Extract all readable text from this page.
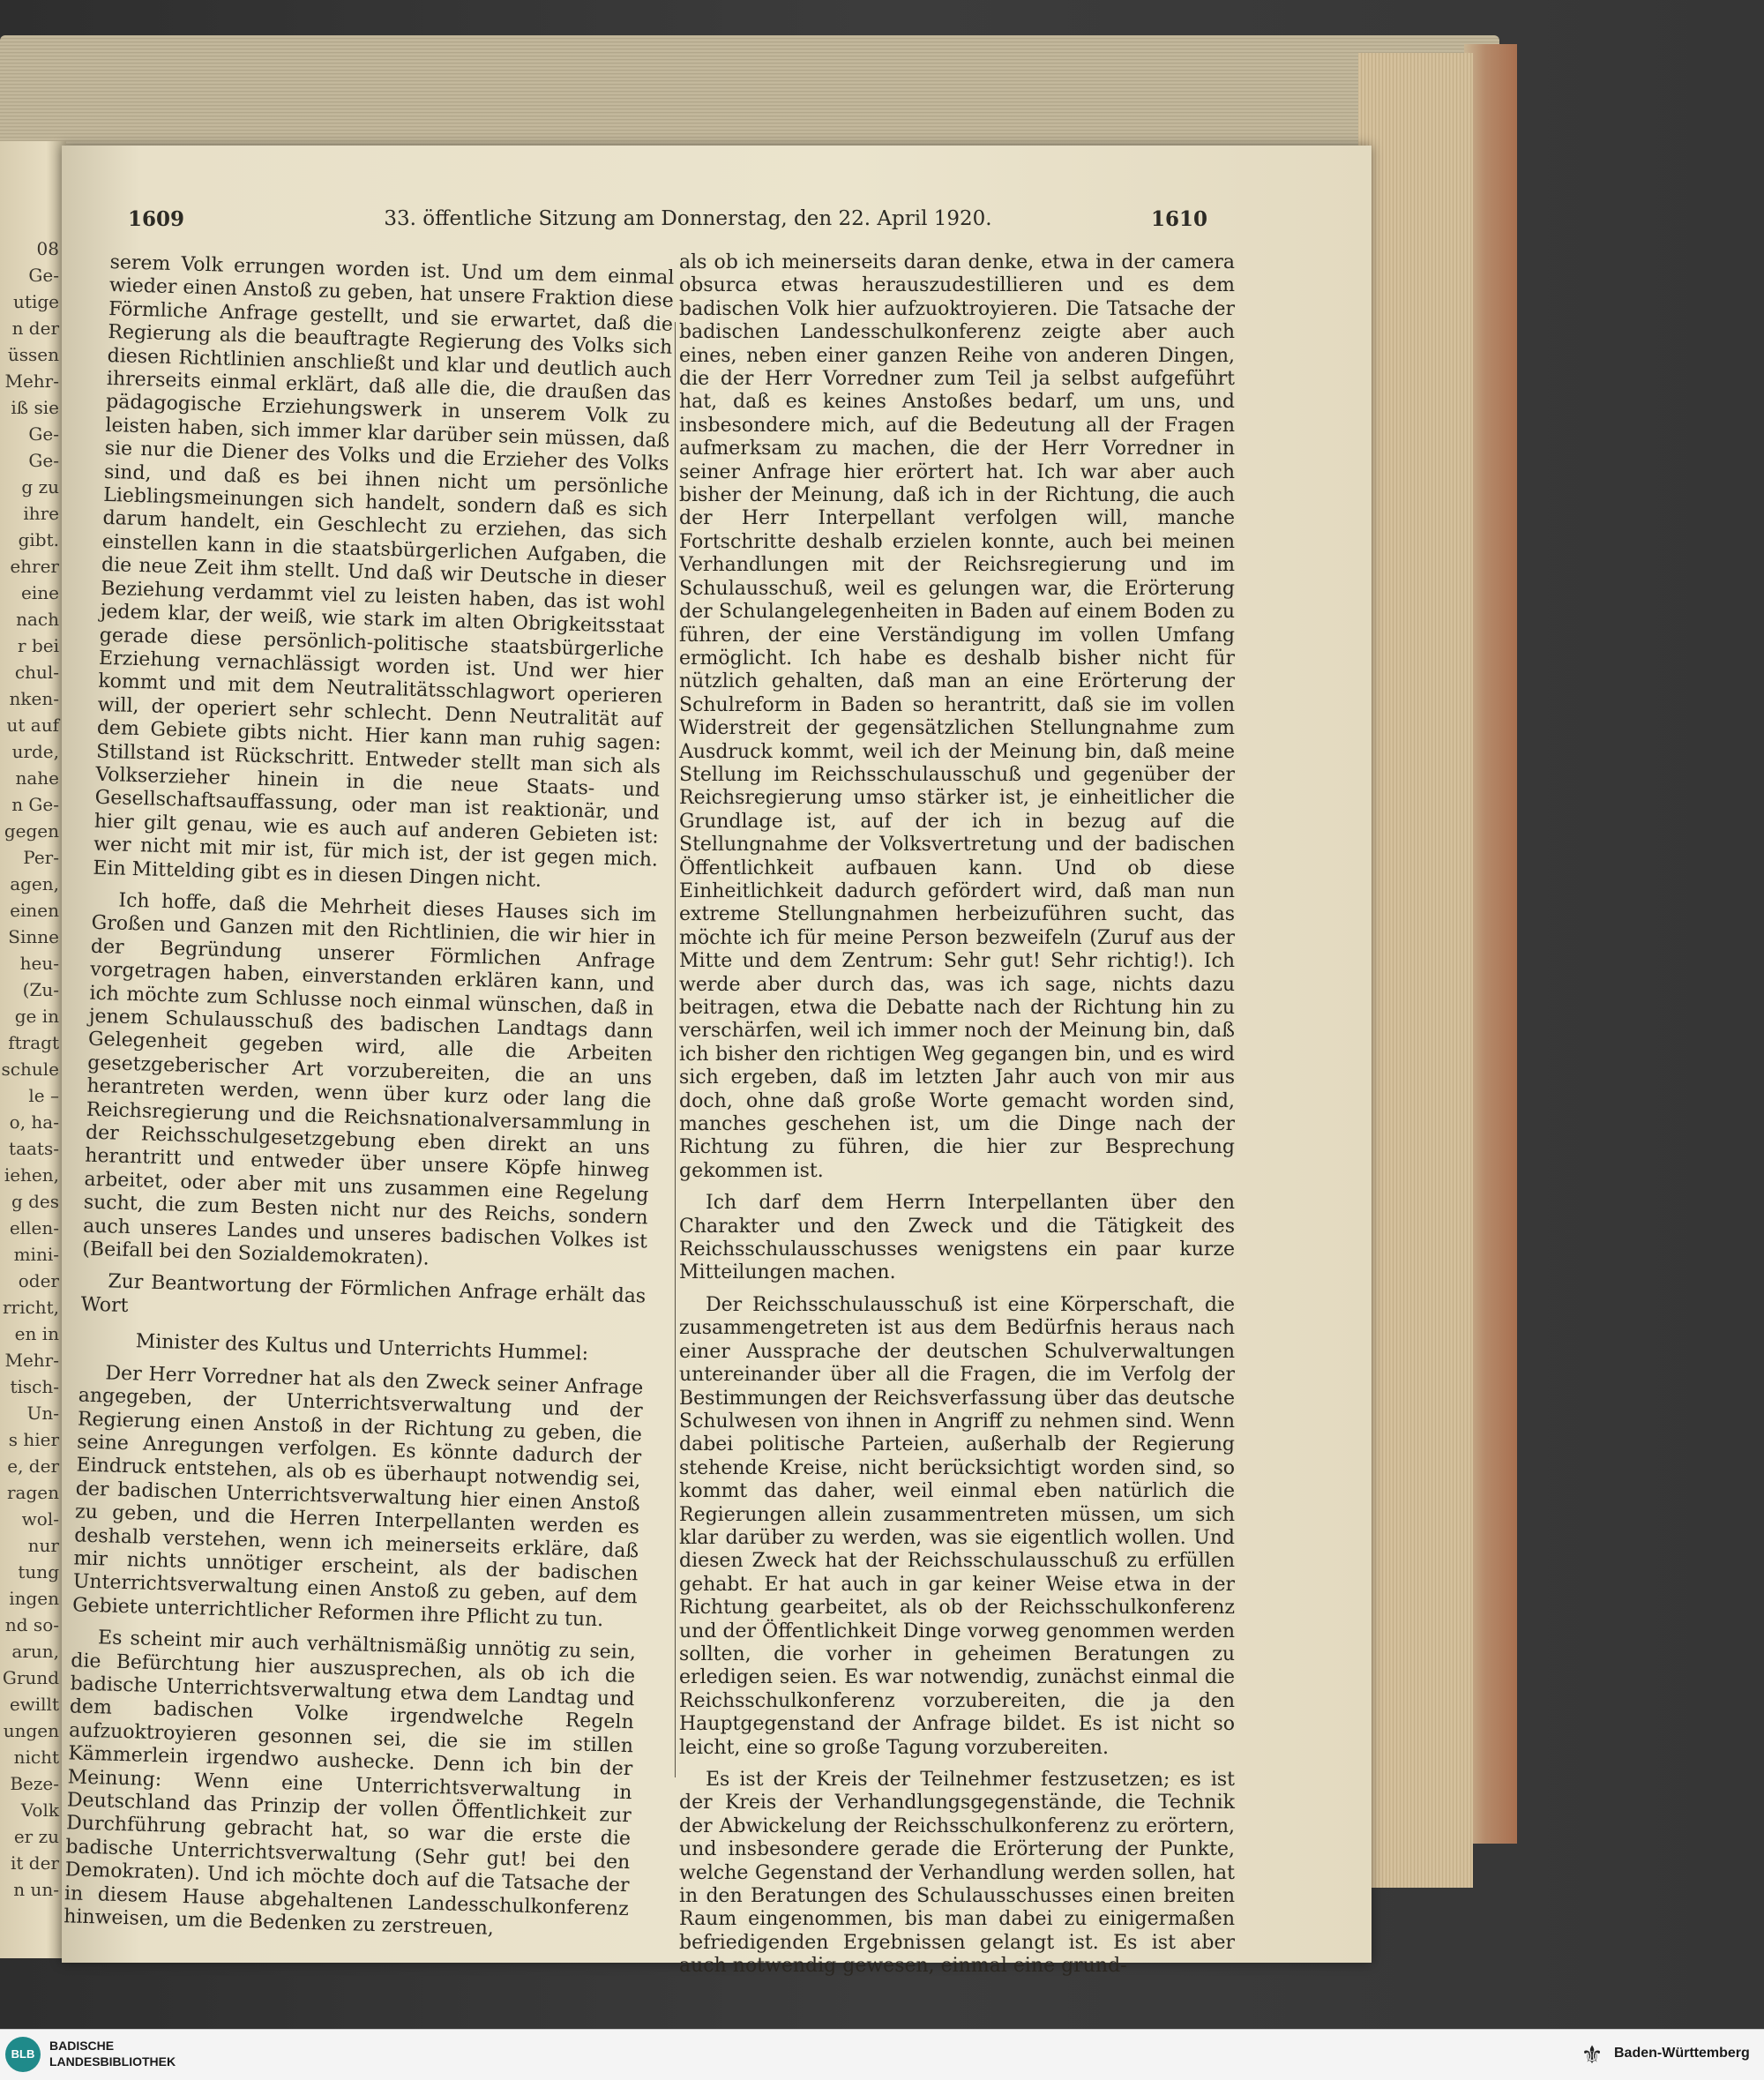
08
Ge-
utige
n der
üssen
Mehr-
iß sie
Ge-
Ge-
g zu
ihre
gibt.
ehrer
eine
nach
r bei
chul-
nken-
ut auf
urde,
nahe
n Ge-
gegen
Per-
agen,
einen
Sinne
heu-
(Zu-
ge in
ftragt
schule
le –
o, ha-
taats-
iehen,
g des
ellen-
mini-
oder
rricht,
en in
Mehr-
tisch-
Un-
s hier
e, der
ragen
wol-
nur
tung
ingen
nd so-
arun,
Grund
ewillt
ungen
nicht
Beze-
Volk
er zu
it der
n un-
1609	33. öffentliche Sitzung am Donnerstag, den 22. April 1920.	1610

serem Volk errungen worden ist. Und um dem einmal wieder einen Anstoß zu geben, hat unsere Fraktion diese Förmliche Anfrage gestellt, und sie erwartet, daß die Regierung als die beauftragte Regierung des Volks sich diesen Richtlinien anschließt und klar und deutlich auch ihrerseits einmal erklärt, daß alle die, die draußen das pädagogische Erziehungswerk in unserem Volk zu leisten haben, sich immer klar darüber sein müssen, daß sie nur die Diener des Volks und die Erzieher des Volks sind, und daß es bei ihnen nicht um persönliche Lieblingsmeinungen sich handelt, sondern daß es sich darum handelt, ein Geschlecht zu erziehen, das sich einstellen kann in die staatsbürgerlichen Aufgaben, die die neue Zeit ihm stellt. Und daß wir Deutsche in dieser Beziehung verdammt viel zu leisten haben, das ist wohl jedem klar, der weiß, wie stark im alten Obrigkeitsstaat gerade diese persönlich-politische staatsbürgerliche Erziehung vernachlässigt worden ist. Und wer hier kommt und mit dem Neutralitätsschlagwort operieren will, der operiert sehr schlecht. Denn Neutralität auf dem Gebiete gibts nicht. Hier kann man ruhig sagen: Stillstand ist Rückschritt. Entweder stellt man sich als Volkserzieher hinein in die neue Staats- und Gesellschaftsauffassung, oder man ist reaktionär, und hier gilt genau, wie es auch auf anderen Gebieten ist: wer nicht mit mir ist, für mich ist, der ist gegen mich. Ein Mittelding gibt es in diesen Dingen nicht.

Ich hoffe, daß die Mehrheit dieses Hauses sich im Großen und Ganzen mit den Richtlinien, die wir hier in der Begründung unserer Förmlichen Anfrage vorgetragen haben, einverstanden erklären kann, und ich möchte zum Schlusse noch einmal wünschen, daß in jenem Schulausschuß des badischen Landtags dann Gelegenheit gegeben wird, alle die Arbeiten gesetzgeberischer Art vorzubereiten, die an uns herantreten werden, wenn über kurz oder lang die Reichsregierung und die Reichsnationalversammlung in der Reichsschulgesetzgebung eben direkt an uns herantritt und entweder über unsere Köpfe hinweg arbeitet, oder aber mit uns zusammen eine Regelung sucht, die zum Besten nicht nur des Reichs, sondern auch unseres Landes und unseres badischen Volkes ist (Beifall bei den Sozialdemokraten).

Zur Beantwortung der Förmlichen Anfrage erhält das Wort

Minister des Kultus und Unterrichts Hummel:

Der Herr Vorredner hat als den Zweck seiner Anfrage angegeben, der Unterrichtsverwaltung und der Regierung einen Anstoß in der Richtung zu geben, die seine Anregungen verfolgen. Es könnte dadurch der Eindruck entstehen, als ob es überhaupt notwendig sei, der badischen Unterrichtsverwaltung hier einen Anstoß zu geben, und die Herren Interpellanten werden es deshalb verstehen, wenn ich meinerseits erkläre, daß mir nichts unnötiger erscheint, als der badischen Unterrichtsverwaltung einen Anstoß zu geben, auf dem Gebiete unterrichtlicher Reformen ihre Pflicht zu tun.

Es scheint mir auch verhältnismäßig unnötig zu sein, die Befürchtung hier auszusprechen, als ob ich die badische Unterrichtsverwaltung etwa dem Landtag und dem badischen Volke irgendwelche Regeln aufzuoktroyieren gesonnen sei, die sie im stillen Kämmerlein irgendwo aushecke. Denn ich bin der Meinung: Wenn eine Unterrichtsverwaltung in Deutschland das Prinzip der vollen Öffentlichkeit zur Durchführung gebracht hat, so war die erste die badische Unterrichtsverwaltung (Sehr gut! bei den Demokraten). Und ich möchte doch auf die Tatsache der in diesem Hause abgehaltenen Landesschulkonferenz hinweisen, um die Bedenken zu zerstreuen,

als ob ich meinerseits daran denke, etwa in der camera obsurca etwas herauszudestillieren und es dem badischen Volk hier aufzuoktroyieren. Die Tatsache der badischen Landesschulkonferenz zeigte aber auch eines, neben einer ganzen Reihe von anderen Dingen, die der Herr Vorredner zum Teil ja selbst aufgeführt hat, daß es keines Anstoßes bedarf, um uns, und insbesondere mich, auf die Bedeutung all der Fragen aufmerksam zu machen, die der Herr Vorredner in seiner Anfrage hier erörtert hat. Ich war aber auch bisher der Meinung, daß ich in der Richtung, die auch der Herr Interpellant verfolgen will, manche Fortschritte deshalb erzielen konnte, auch bei meinen Verhandlungen mit der Reichsregierung und im Schulausschuß, weil es gelungen war, die Erörterung der Schulangelegenheiten in Baden auf einem Boden zu führen, der eine Verständigung im vollen Umfang ermöglicht. Ich habe es deshalb bisher nicht für nützlich gehalten, daß man an eine Erörterung der Schulreform in Baden so herantritt, daß sie im vollen Widerstreit der gegensätzlichen Stellungnahme zum Ausdruck kommt, weil ich der Meinung bin, daß meine Stellung im Reichsschulausschuß und gegenüber der Reichsregierung umso stärker ist, je einheitlicher die Grundlage ist, auf der ich in bezug auf die Stellungnahme der Volksvertretung und der badischen Öffentlichkeit aufbauen kann. Und ob diese Einheitlichkeit dadurch gefördert wird, daß man nun extreme Stellungnahmen herbeizuführen sucht, das möchte ich für meine Person bezweifeln (Zuruf aus der Mitte und dem Zentrum: Sehr gut! Sehr richtig!). Ich werde aber durch das, was ich sage, nichts dazu beitragen, etwa die Debatte nach der Richtung hin zu verschärfen, weil ich immer noch der Meinung bin, daß ich bisher den richtigen Weg gegangen bin, und es wird sich ergeben, daß im letzten Jahr auch von mir aus doch, ohne daß große Worte gemacht worden sind, manches geschehen ist, um die Dinge nach der Richtung zu führen, die hier zur Besprechung gekommen ist.

Ich darf dem Herrn Interpellanten über den Charakter und den Zweck und die Tätigkeit des Reichsschulausschusses wenigstens ein paar kurze Mitteilungen machen.

Der Reichsschulausschuß ist eine Körperschaft, die zusammengetreten ist aus dem Bedürfnis heraus nach einer Aussprache der deutschen Schulverwaltungen untereinander über all die Fragen, die im Verfolg der Bestimmungen der Reichsverfassung über das deutsche Schulwesen von ihnen in Angriff zu nehmen sind. Wenn dabei politische Parteien, außerhalb der Regierung stehende Kreise, nicht berücksichtigt worden sind, so kommt das daher, weil einmal eben natürlich die Regierungen allein zusammentreten müssen, um sich klar darüber zu werden, was sie eigentlich wollen. Und diesen Zweck hat der Reichsschulausschuß zu erfüllen gehabt. Er hat auch in gar keiner Weise etwa in der Richtung gearbeitet, als ob der Reichsschulkonferenz und der Öffentlichkeit Dinge vorweg genommen werden sollten, die vorher in geheimen Beratungen zu erledigen seien. Es war notwendig, zunächst einmal die Reichsschulkonferenz vorzubereiten, die ja den Hauptgegenstand der Anfrage bildet. Es ist nicht so leicht, eine so große Tagung vorzubereiten.

Es ist der Kreis der Teilnehmer festzusetzen; es ist der Kreis der Verhandlungsgegenstände, die Technik der Abwickelung der Reichsschulkonferenz zu erörtern, und insbesondere gerade die Erörterung der Punkte, welche Gegenstand der Verhandlung werden sollen, hat in den Beratungen des Schulausschusses einen breiten Raum eingenommen, bis man dabei zu einigermaßen befriedigenden Ergebnissen gelangt ist. Es ist aber auch notwendig gewesen, einmal eine grund-

BLB
BADISCHE
LANDESBIBLIOTHEK	⚜ Baden-Württemberg
